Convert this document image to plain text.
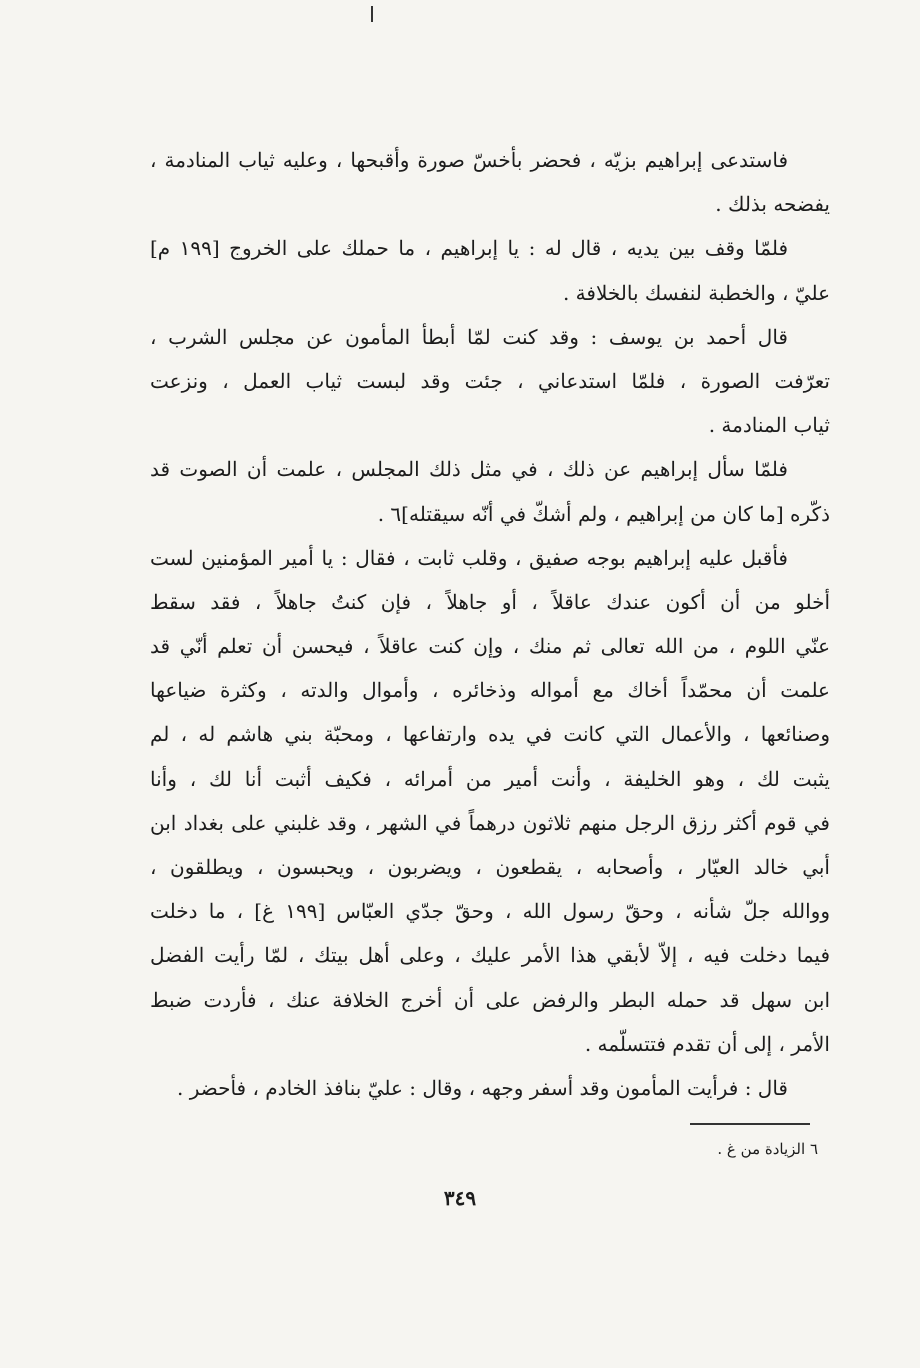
فاستدعى إبراهيم بزيّه ، فحضر بأخسّ صورة وأقبحها ، وعليه ثياب المنادمة ،
يفضحه بذلك .
فلمّا وقف بين يديه ، قال له : يا إبراهيم ، ما حملك على الخروج [١٩٩ م]
عليّ ، والخطبة لنفسك بالخلافة .
قال أحمد بن يوسف : وقد كنت لمّا أبطأ المأمون عن مجلس الشرب ،
تعرّفت الصورة ، فلمّا استدعاني ، جئت وقد لبست ثياب العمل ، ونزعت
ثياب المنادمة .
فلمّا سأل إبراهيم عن ذلك ، في مثل ذلك المجلس ، علمت أن الصوت قد
ذكّره [ما كان من إبراهيم ، ولم أشكّ في أنّه سيقتله]٦ .
فأقبل عليه إبراهيم بوجه صفيق ، وقلب ثابت ، فقال : يا أمير المؤمنين لست
أخلو من أن أكون عندك عاقلاً ، أو جاهلاً ، فإن كنتُ جاهلاً ، فقد سقط
عنّي اللوم ، من الله تعالى ثم منك ، وإن كنت عاقلاً ، فيحسن أن تعلم أنّي قد
علمت أن محمّداً أخاك مع أمواله وذخائره ، وأموال والدته ، وكثرة ضياعها
وصنائعها ، والأعمال التي كانت في يده وارتفاعها ، ومحبّة بني هاشم له ، لم
يثبت لك ، وهو الخليفة ، وأنت أمير من أمرائه ، فكيف أثبت أنا لك ، وأنا
في قوم أكثر رزق الرجل منهم ثلاثون درهماً في الشهر ، وقد غلبني على بغداد ابن
أبي خالد العيّار ، وأصحابه ، يقطعون ، ويضربون ، ويحبسون ، ويطلقون ،
ووالله جلّ شأنه ، وحقّ رسول الله ، وحقّ جدّي العبّاس [١٩٩ غ] ، ما دخلت
فيما دخلت فيه ، إلاّ لأبقي هذا الأمر عليك ، وعلى أهل بيتك ، لمّا رأيت الفضل
ابن سهل قد حمله البطر والرفض على أن أخرج الخلافة عنك ، فأردت ضبط
الأمر ، إلى أن تقدم فتتسلّمه .
قال : فرأيت المأمون وقد أسفر وجهه ، وقال : عليّ بنافذ الخادم ، فأحضر .
٦ الزيادة من غ .
٣٤٩
